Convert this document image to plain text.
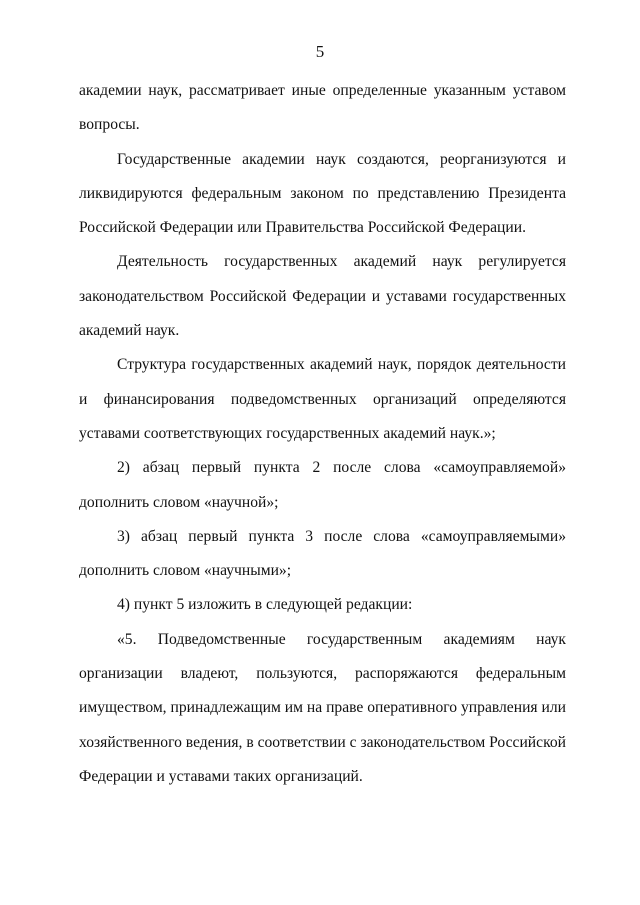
5

академии наук, рассматривает иные определенные указанным уставом вопросы.

Государственные академии наук создаются, реорганизуются и ликвидируются федеральным законом по представлению Президента Российской Федерации или Правительства Российской Федерации.

Деятельность государственных академий наук регулируется законодательством Российской Федерации и уставами государственных академий наук.

Структура государственных академий наук, порядок деятельности и финансирования подведомственных организаций определяются уставами соответствующих государственных академий наук.»;

2) абзац первый пункта 2 после слова «самоуправляемой» дополнить словом «научной»;

3) абзац первый пункта 3 после слова «самоуправляемыми» дополнить словом «научными»;

4) пункт 5 изложить в следующей редакции:

«5. Подведомственные государственным академиям наук организации владеют, пользуются, распоряжаются федеральным имуществом, принадлежащим им на праве оперативного управления или хозяйственного ведения, в соответствии с законодательством Российской Федерации и уставами таких организаций.
